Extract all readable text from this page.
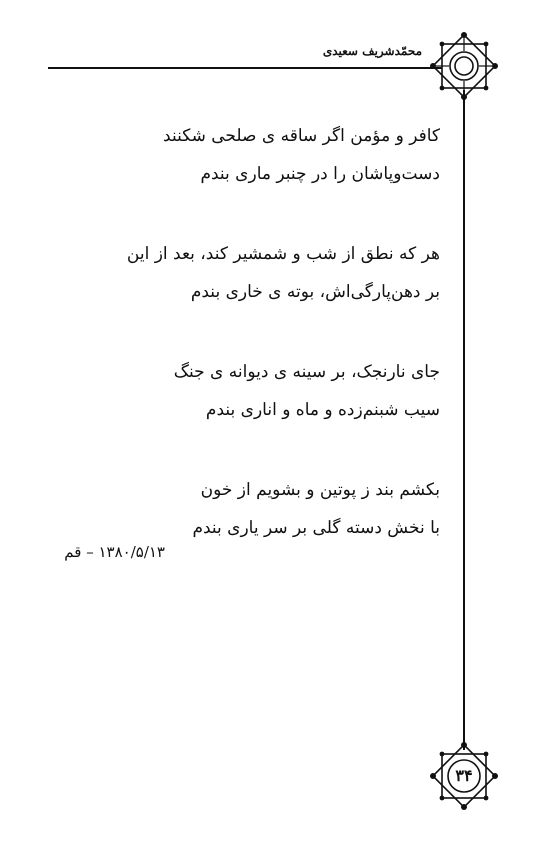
محمّدشریف سعیدی
۳۴
کافر و مؤمن اگر ساقه ی صلحی شکنند
دست‌وپاشان را در چنبر ماری بندم
هر که نطق از شب و شمشیر کند، بعد از این
بر دهن‌پارگی‌اش، بوته ی خاری بندم
جای نارنجک، بر سینه ی دیوانه ی جنگ
سیب شبنم‌زده و ماه و اناری بندم
بکشم بند ز پوتین و بشویم از خون
با نخش دسته گلی بر سر یاری بندم
۱۳۸۰/۵/۱۳ – قم
